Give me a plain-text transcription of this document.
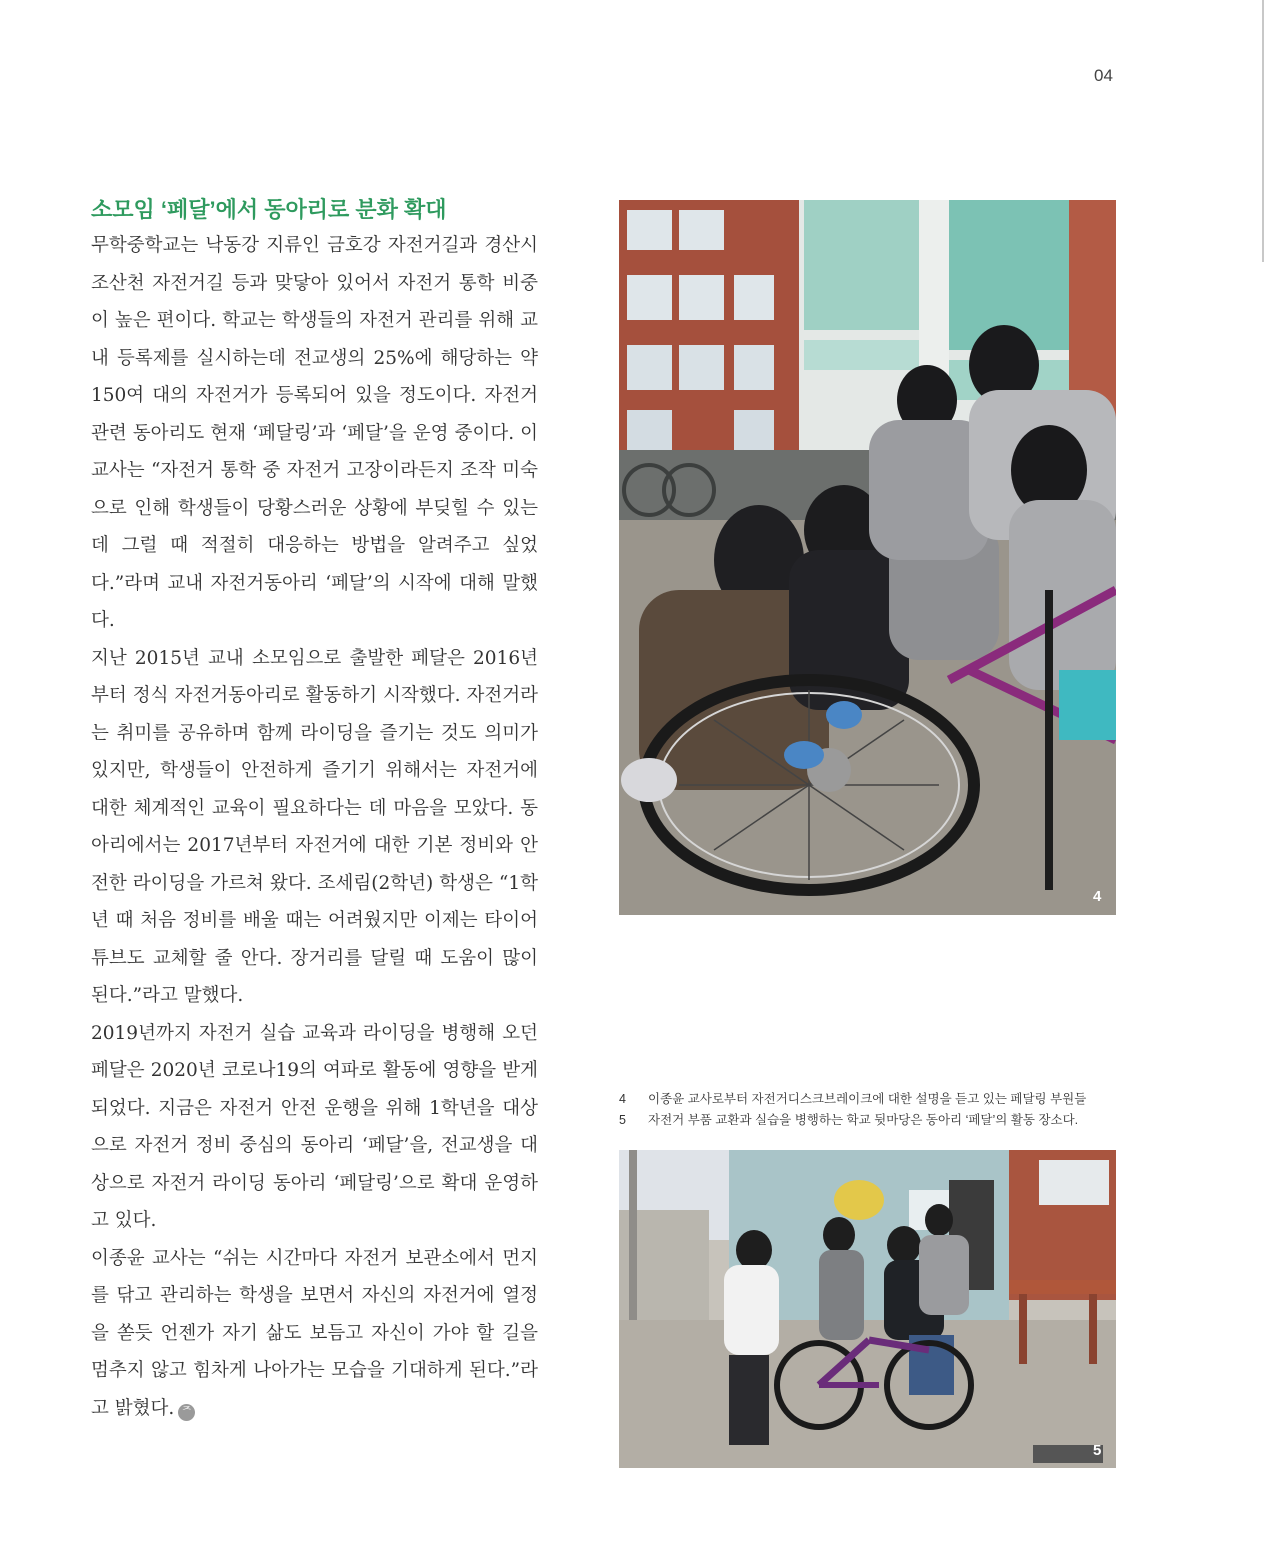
04
소모임 ‘페달’에서 동아리로 분화 확대

무학중학교는 낙동강 지류인 금호강 자전거길과 경산시 조산천 자전거길 등과 맞닿아 있어서 자전거 통학 비중이 높은 편이다. 학교는 학생들의 자전거 관리를 위해 교내 등록제를 실시하는데 전교생의 25%에 해당하는 약 150여 대의 자전거가 등록되어 있을 정도이다. 자전거 관련 동아리도 현재 ‘페달링’과 ‘페달’을 운영 중이다. 이 교사는 “자전거 통학 중 자전거 고장이라든지 조작 미숙으로 인해 학생들이 당황스러운 상황에 부딪힐 수 있는데 그럴 때 적절히 대응하는 방법을 알려주고 싶었다.”라며 교내 자전거동아리 ‘페달’의 시작에 대해 말했다.

지난 2015년 교내 소모임으로 출발한 페달은 2016년부터 정식 자전거동아리로 활동하기 시작했다. 자전거라는 취미를 공유하며 함께 라이딩을 즐기는 것도 의미가 있지만, 학생들이 안전하게 즐기기 위해서는 자전거에 대한 체계적인 교육이 필요하다는 데 마음을 모았다. 동아리에서는 2017년부터 자전거에 대한 기본 정비와 안전한 라이딩을 가르쳐 왔다. 조세림(2학년) 학생은 “1학년 때 처음 정비를 배울 때는 어려웠지만 이제는 타이어 튜브도 교체할 줄 안다. 장거리를 달릴 때 도움이 많이 된다.”라고 말했다.

2019년까지 자전거 실습 교육과 라이딩을 병행해 오던 페달은 2020년 코로나19의 여파로 활동에 영향을 받게 되었다. 지금은 자전거 안전 운행을 위해 1학년을 대상으로 자전거 정비 중심의 동아리 ‘페달’을, 전교생을 대상으로 자전거 라이딩 동아리 ‘페달링’으로 확대 운영하고 있다.

이종윤 교사는 “쉬는 시간마다 자전거 보관소에서 먼지를 닦고 관리하는 학생을 보면서 자신의 자전거에 열정을 쏟듯 언젠가 자기 삶도 보듬고 자신이 가야 할 길을 멈추지 않고 힘차게 나아가는 모습을 기대하게 된다.”라고 밝혔다. ᄌ

4
4	이종윤 교사로부터 자전거디스크브레이크에 대한 설명을 듣고 있는 페달링 부원들
5	자전거 부품 교환과 실습을 병행하는 학교 뒷마당은 동아리 ‘페달’의 활동 장소다.
5
